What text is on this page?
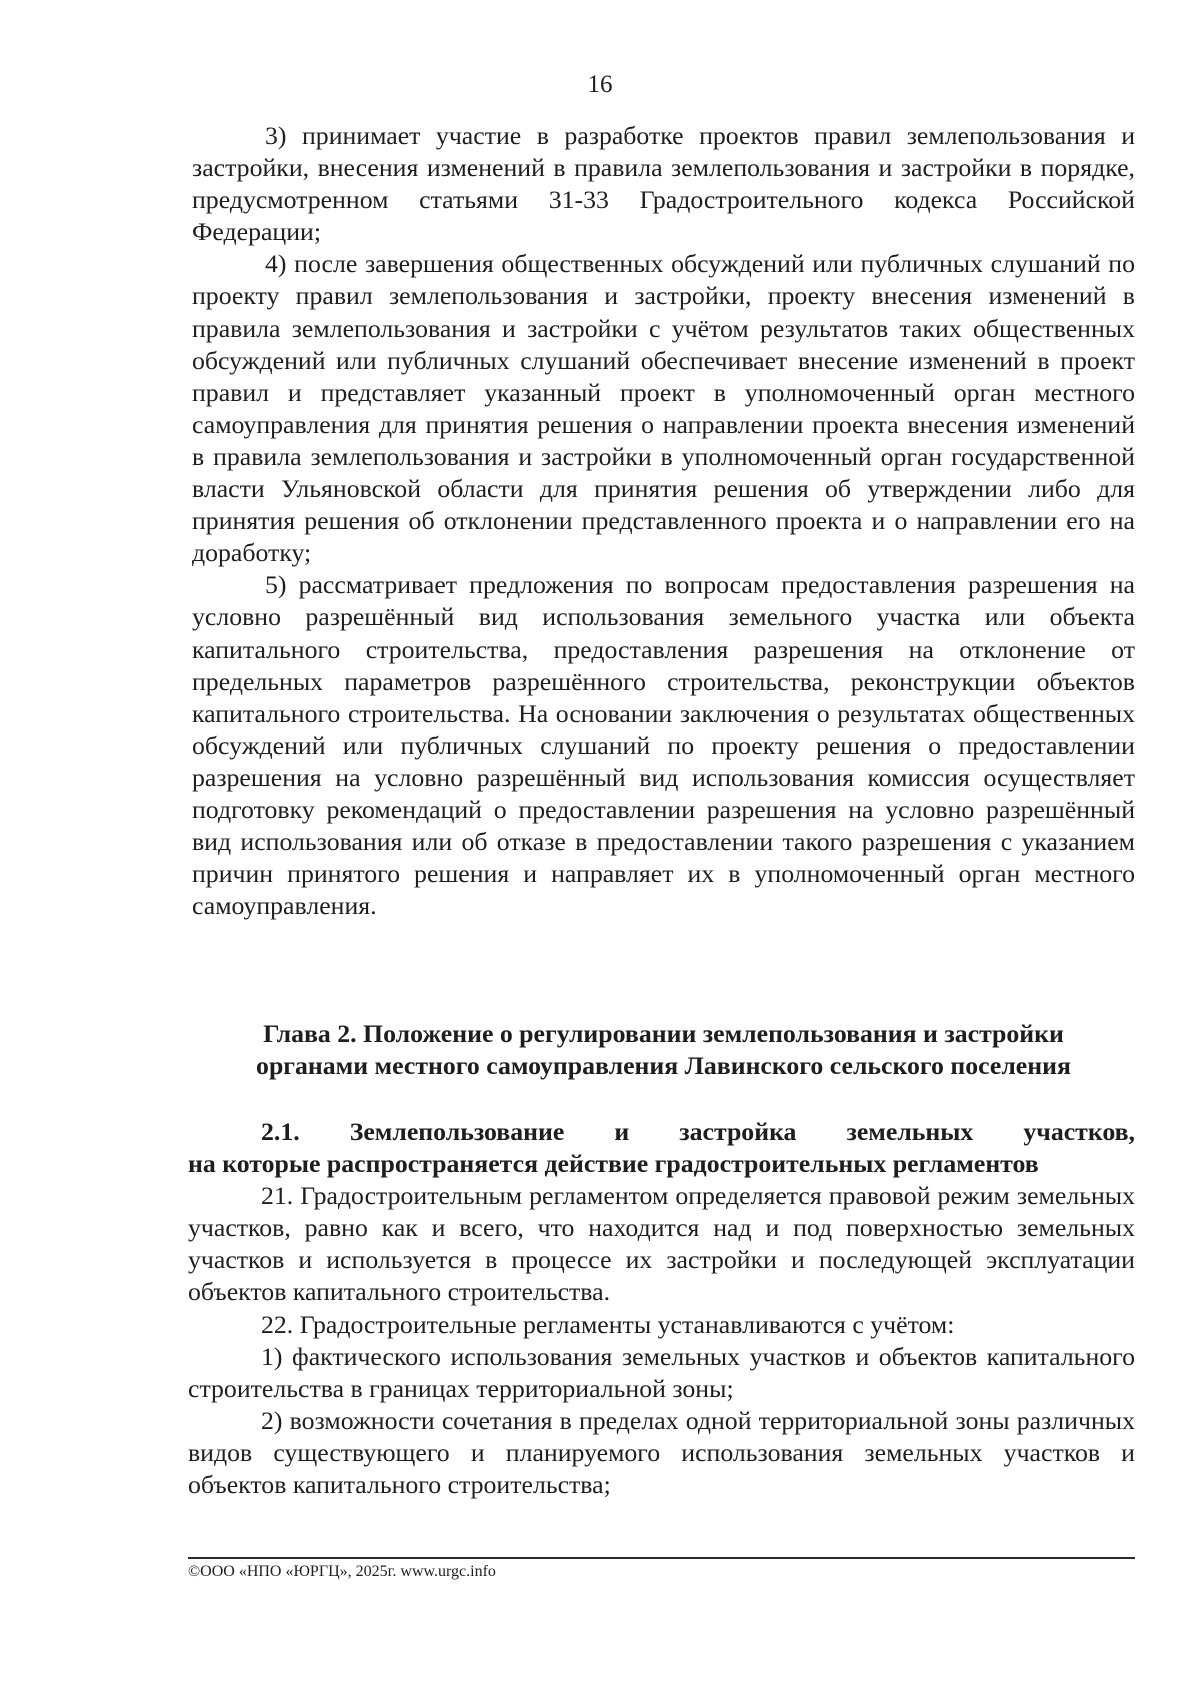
16

3) принимает участие в разработке проектов правил землепользования и застройки, внесения изменений в правила землепользования и застройки в порядке, предусмотренном статьями 31-33 Градостроительного кодекса Российской Федерации;

4) после завершения общественных обсуждений или публичных слушаний по проекту правил землепользования и застройки, проекту внесения изменений в правила землепользования и застройки с учётом результатов таких общественных обсуждений или публичных слушаний обеспечивает внесение изменений в проект правил и представляет указанный проект в уполномоченный орган местного самоуправления для принятия решения о направлении проекта внесения изменений в правила землепользования и застройки в уполномоченный орган государственной власти Ульяновской области для принятия решения об утверждении либо для принятия решения об отклонении представленного проекта и о направлении его на доработку;

5) рассматривает предложения по вопросам предоставления разрешения на условно разрешённый вид использования земельного участка или объекта капитального строительства, предоставления разрешения на отклонение от предельных параметров разрешённого строительства, реконструкции объектов капитального строительства. На основании заключения о результатах общественных обсуждений или публичных слушаний по проекту решения о предоставлении разрешения на условно разрешённый вид использования комиссия осуществляет подготовку рекомендаций о предоставлении разрешения на условно разрешённый вид использования или об отказе в предоставлении такого разрешения с указанием причин принятого решения и направляет их в уполномоченный орган местного самоуправления.

Глава 2. Положение о регулировании землепользования и застройки
органами местного самоуправления Лавинского сельского поселения
2.1. Землепользование и застройка земельных участков,
на которые распространяется действие градостроительных регламентов

21. Градостроительным регламентом определяется правовой режим земельных участков, равно как и всего, что находится над и под поверхностью земельных участков и используется в процессе их застройки и последующей эксплуатации объектов капитального строительства.

22. Градостроительные регламенты устанавливаются с учётом:

1) фактического использования земельных участков и объектов капитального строительства в границах территориальной зоны;

2) возможности сочетания в пределах одной территориальной зоны различных видов существующего и планируемого использования земельных участков и объектов капитального строительства;

©ООО «НПО «ЮРГЦ», 2025г. www.urgc.info
